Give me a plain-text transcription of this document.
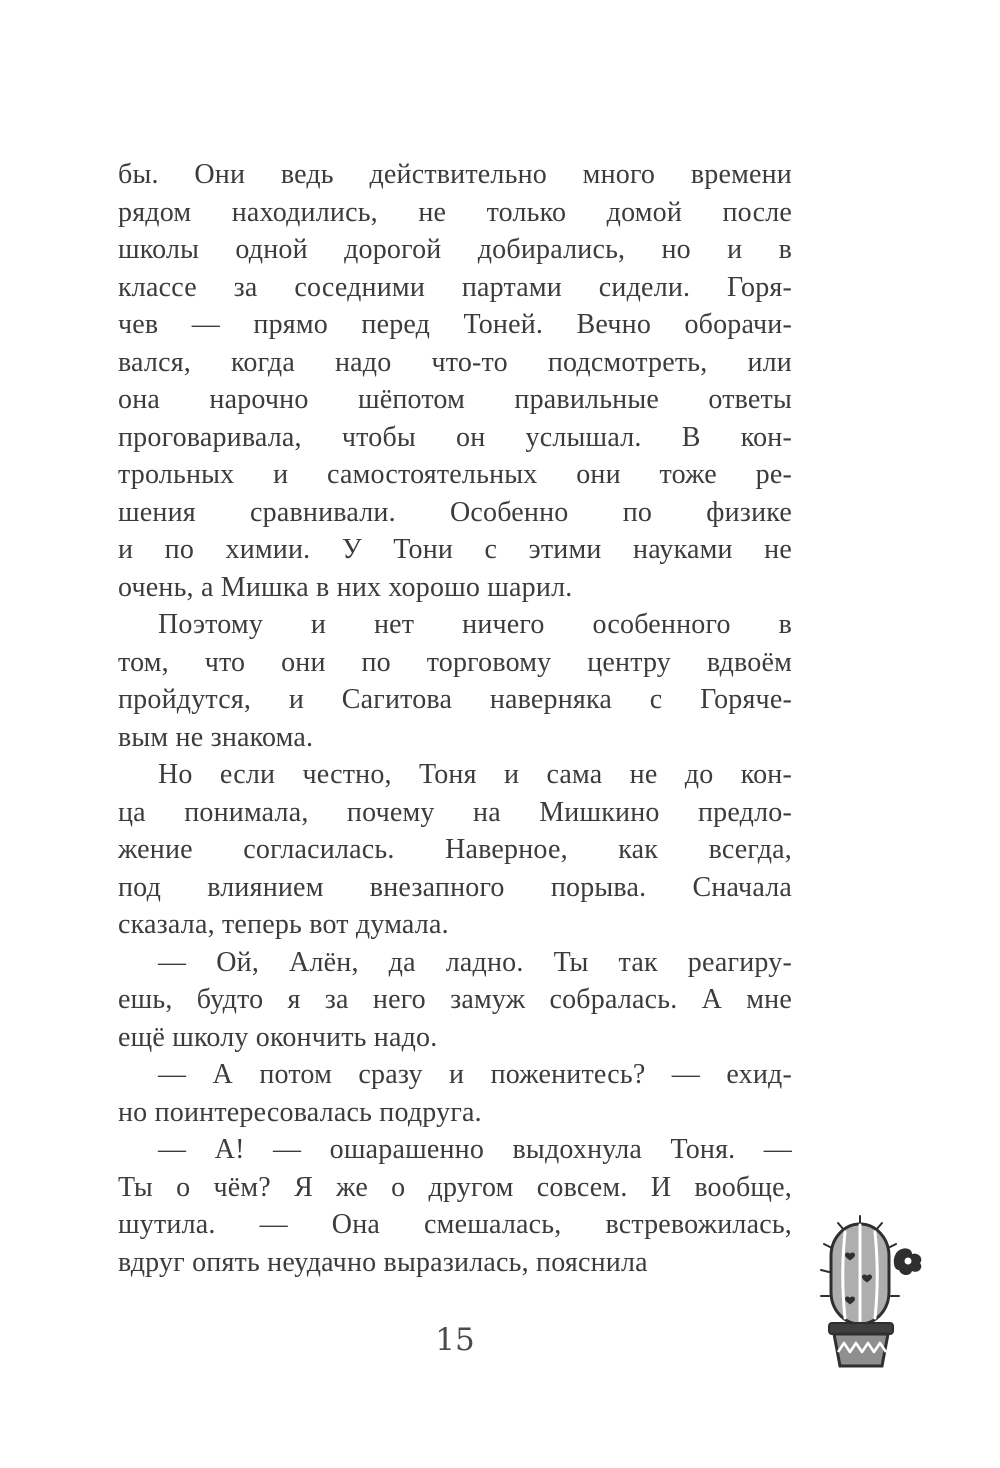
бы. Они ведь действительно много времени
рядом находились, не только домой после
школы одной дорогой добирались, но и в
классе за соседними партами сидели. Горя-
чев — прямо перед Тоней. Вечно оборачи-
вался, когда надо что-то подсмотреть, или
она нарочно шёпотом правильные ответы
проговаривала, чтобы он услышал. В кон-
трольных и самостоятельных они тоже ре-
шения сравнивали. Особенно по физике
и по химии. У Тони с этими науками не
очень, а Мишка в них хорошо шарил.
Поэтому и нет ничего особенного в
том, что они по торговому центру вдвоём
пройдутся, и Сагитова наверняка с Горяче-
вым не знакома.
Но если честно, Тоня и сама не до кон-
ца понимала, почему на Мишкино предло-
жение согласилась. Наверное, как всегда,
под влиянием внезапного порыва. Сначала
сказала, теперь вот думала.
— Ой, Алён, да ладно. Ты так реагиру-
ешь, будто я за него замуж собралась. А мне
ещё школу окончить надо.
— А потом сразу и поженитесь? — ехид-
но поинтересовалась подруга.
— А! — ошарашенно выдохнула Тоня. —
Ты о чём? Я же о другом совсем. И вообще,
шутила. — Она смешалась, встревожилась,
вдруг опять неудачно выразилась, пояснила
15
